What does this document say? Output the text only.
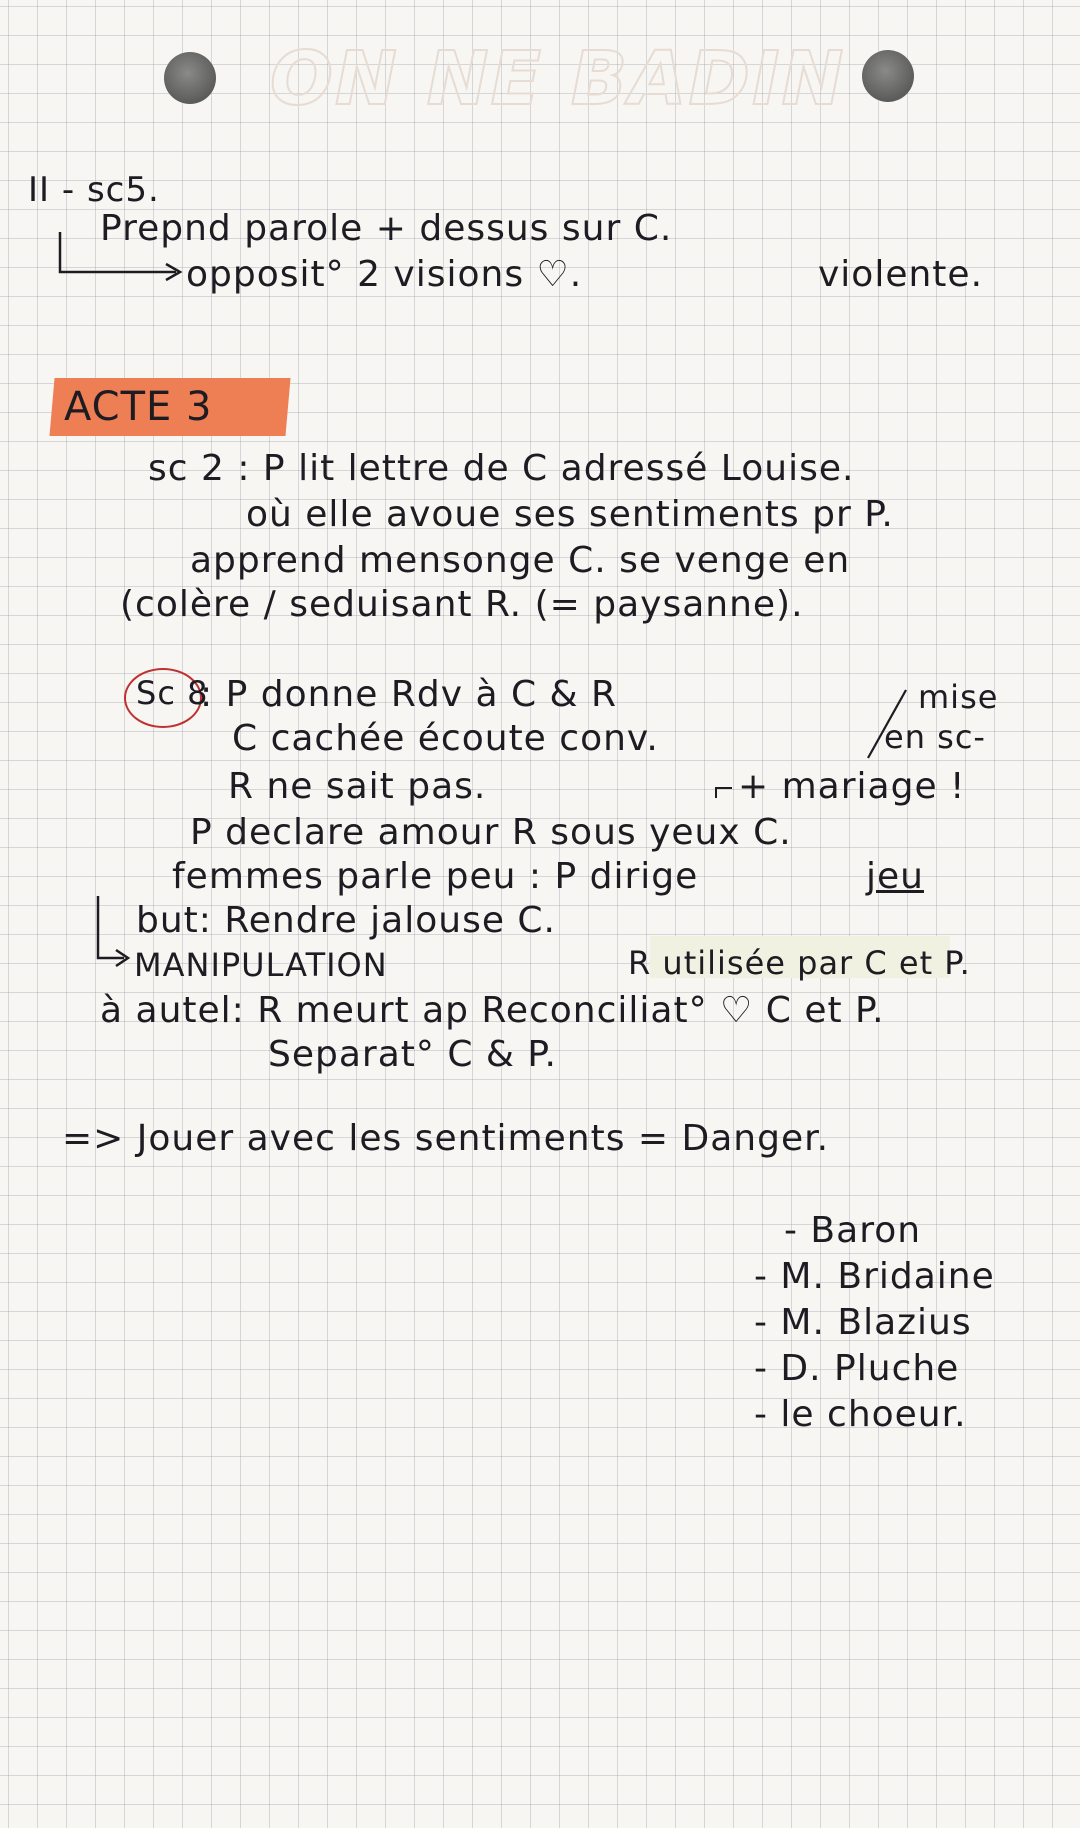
ON NE BADIN

II - sc5.

Prepnd parole + dessus sur C.

opposit° 2 visions ♡.	violente.

ACTE 3

sc 2 : P lit lettre de C adressé Louise.

où elle avoue ses sentiments pr P.

apprend mensonge C. se venge en

(colère / seduisant R. (= paysanne).

Sc 8

: P donne Rdv à C & R	mise

C cachée écoute conv.	en sc-

R ne sait pas.	+ mariage !

P declare amour R sous yeux C.

femmes parle peu : P dirige	jeu

but: Rendre jalouse C.

MANIPULATION	R utilisée par C et P.

à autel: R meurt ap Reconciliat° ♡ C et P.

Separat° C & P.

=> Jouer avec les sentiments = Danger.

- Baron

- M. Bridaine

- M. Blazius

- D. Pluche

- le choeur.
